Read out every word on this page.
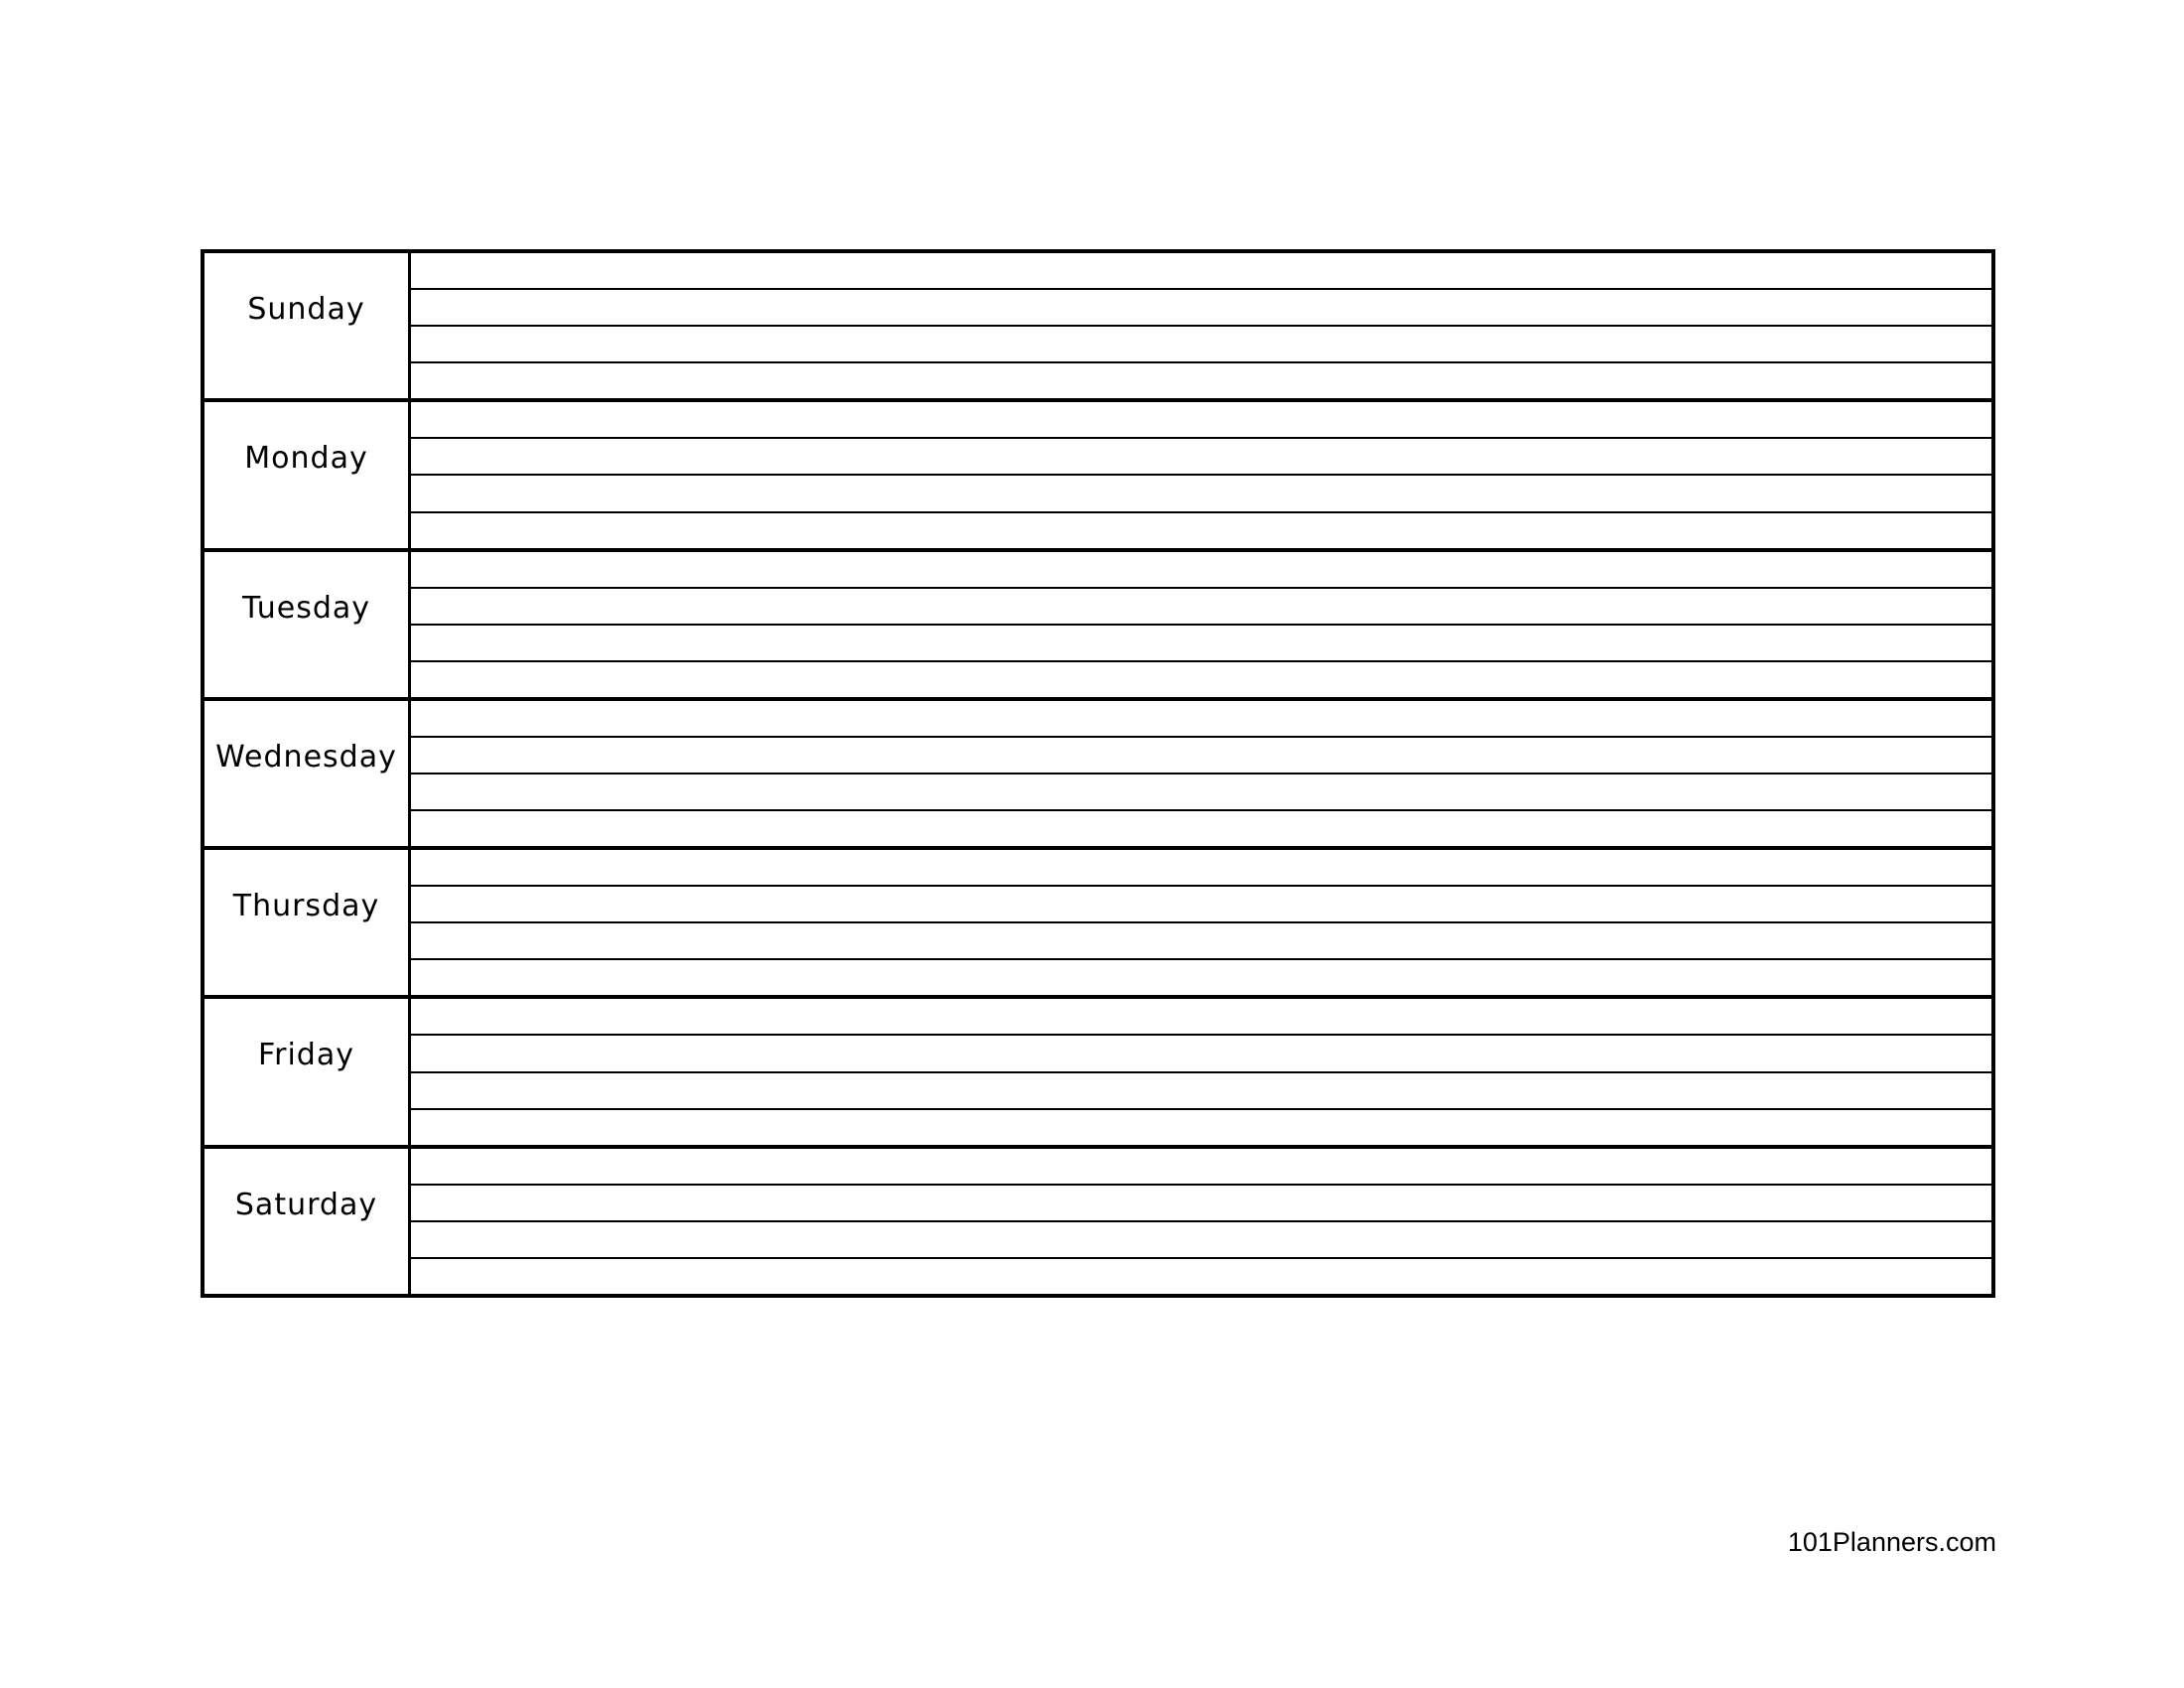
Sunday
Monday
Tuesday
Wednesday
Thursday
Friday
Saturday
101Planners.com
